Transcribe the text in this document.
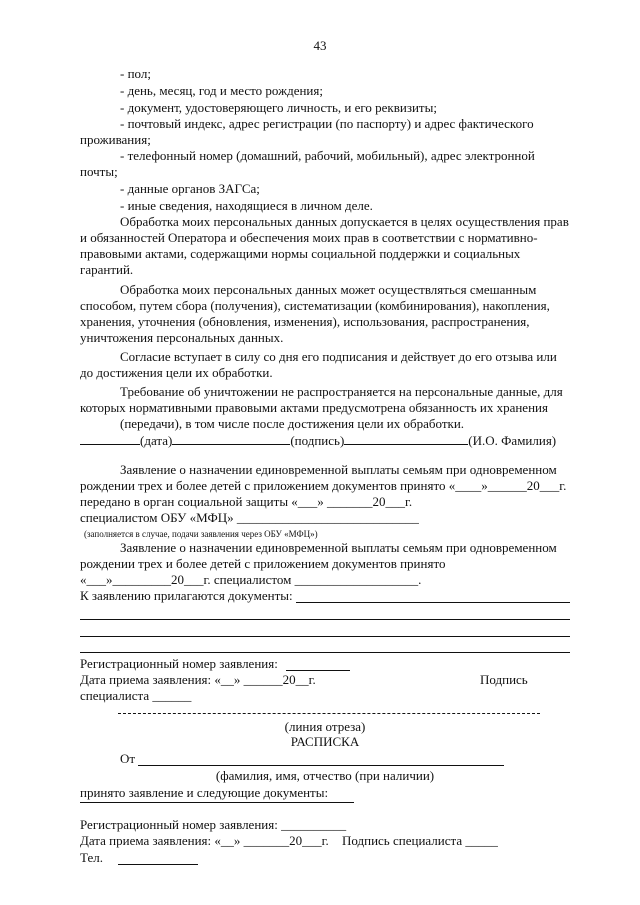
43
- пол;
- день, месяц, год и место рождения;
- документ, удостоверяющего личность, и его реквизиты;
- почтовый индекс, адрес регистрации (по паспорту) и адрес фактического
проживания;
- телефонный номер (домашний, рабочий, мобильный), адрес электронной
почты;
- данные органов ЗАГСа;
- иные сведения, находящиеся в личном деле.
Обработка моих персональных данных допускается в целях осуществления прав
и обязанностей Оператора и обеспечения моих прав в соответствии с нормативно-
правовыми актами, содержащими нормы социальной поддержки и социальных
гарантий.
Обработка моих персональных данных может осуществляться смешанным
способом, путем сбора (получения), систематизации (комбинирования), накопления,
хранения, уточнения (обновления, изменения), использования, распространения,
уничтожения персональных данных.
Согласие вступает в силу со дня его подписания и действует до его отзыва или
до достижения цели их обработки.
Требование об уничтожении не распространяется на персональные данные, для
которых нормативными правовыми актами предусмотрена обязанность их хранения
(передачи), в том числе после достижения цели их обработки.
(дата)	(подпись)	(И.О. Фамилия)
Заявление о назначении единовременной выплаты семьям при одновременном
рождении трех и более детей с приложением документов принято «____»______20___г.
передано в орган социальной защиты «___» _______20___г.
специалистом ОБУ «МФЦ» ____________________________
(заполняется в случае, подачи заявления через ОБУ «МФЦ»)
Заявление о назначении единовременной выплаты семьям при одновременном
рождении трех и более детей с приложением документов принято
«___»_________20___г. специалистом ___________________.
К заявлению прилагаются документы:
Регистрационный номер заявления:
Дата приема заявления: «__» ______20__г.	Подпись
специалиста ______
(линия отреза)
РАСПИСКА
От
(фамилия, имя, отчество (при наличии)
принято заявление и следующие документы:
Регистрационный номер заявления: __________
Дата приема заявления: «__» _______20___г. Подпись специалиста _____
Тел.
